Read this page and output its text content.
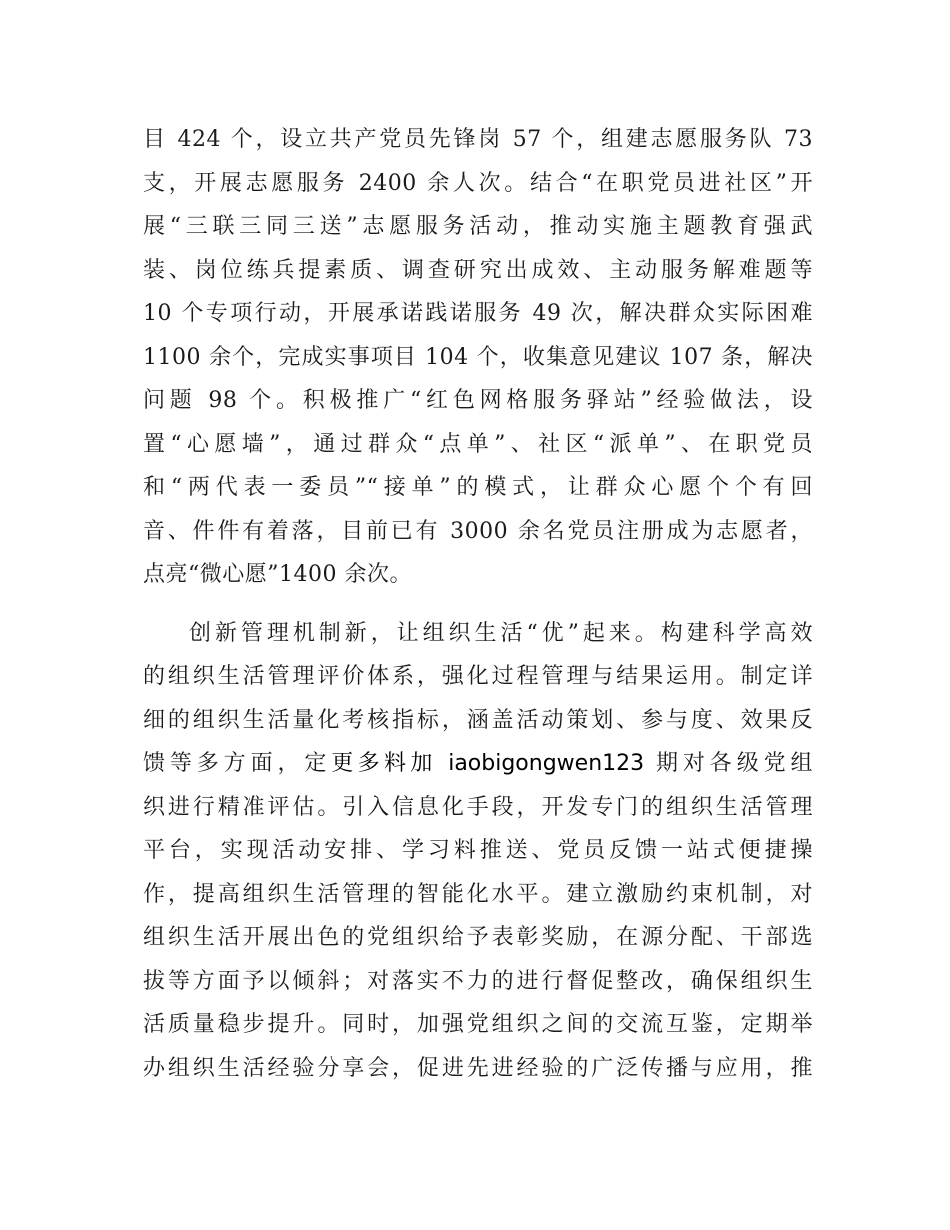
目 424 个，设立共产党员先锋岗 57 个，组建志愿服务队 73
支，开展志愿服务 2400 余人次。结合“在职党员进社区”开
展“三联三同三送”志愿服务活动，推动实施主题教育强武
装、岗位练兵提素质、调查研究出成效、主动服务解难题等
10 个专项行动，开展承诺践诺服务 49 次，解决群众实际困难
1100 余个，完成实事项目 104 个，收集意见建议 107 条，解决
问题 98 个。积极推广“红色网格服务驿站”经验做法，设
置“心愿墙”，通过群众“点单”、社区“派单”、在职党员
和“两代表一委员”“接单”的模式，让群众心愿个个有回
音、件件有着落，目前已有 3000 余名党员注册成为志愿者，
点亮“微心愿”1400 余次。
创新管理机制新，让组织生活“优”起来。构建科学高效
的组织生活管理评价体系，强化过程管理与结果运用。制定详
细的组织生活量化考核指标，涵盖活动策划、参与度、效果反
馈等多方面，定更多料加 iaobigongwen123 期对各级党组
织进行精准评估。引入信息化手段，开发专门的组织生活管理
平台，实现活动安排、学习料推送、党员反馈一站式便捷操
作，提高组织生活管理的智能化水平。建立激励约束机制，对
组织生活开展出色的党组织给予表彰奖励，在源分配、干部选
拔等方面予以倾斜；对落实不力的进行督促整改，确保组织生
活质量稳步提升。同时，加强党组织之间的交流互鉴，定期举
办组织生活经验分享会，促进先进经验的广泛传播与应用，推
